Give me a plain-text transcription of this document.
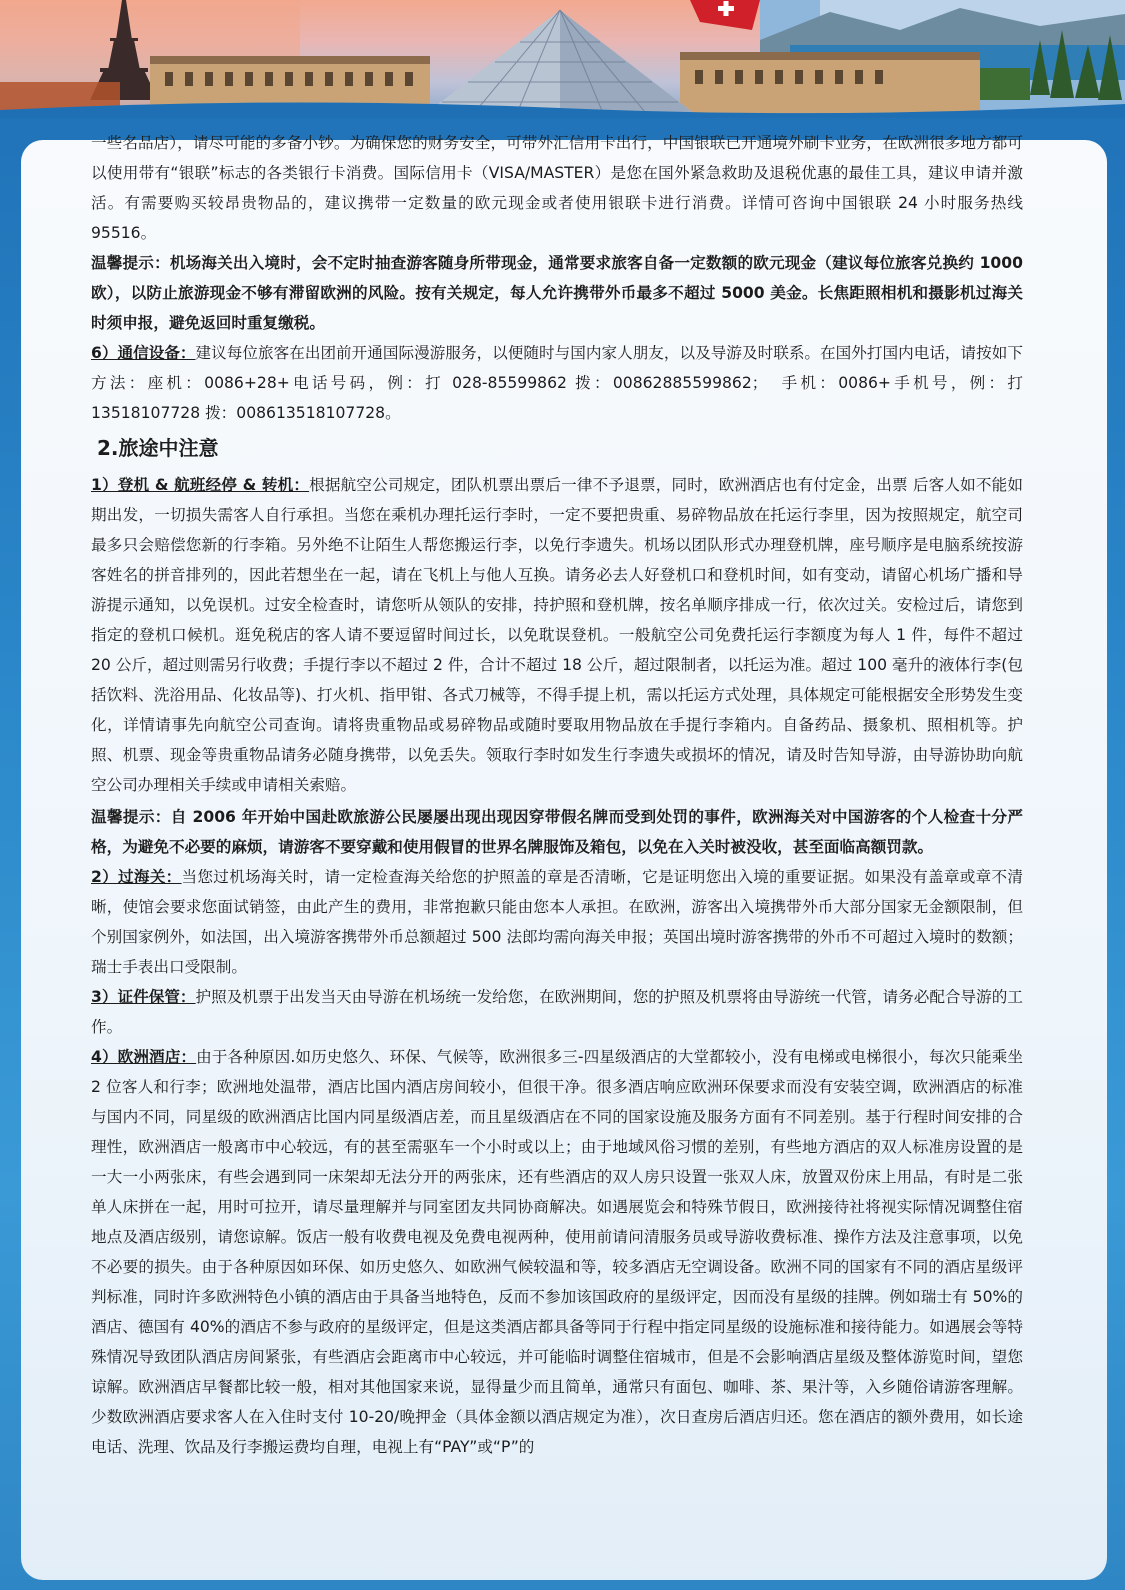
一些名品店），请尽可能的多备小钞。为确保您的财务安全，可带外汇信用卡出行，中国银联已开通境外刷卡业务，在欧洲很多地方都可以使用带有“银联”标志的各类银行卡消费。国际信用卡（VISA/MASTER）是您在国外紧急救助及退税优惠的最佳工具，建议申请并激活。有需要购买较昂贵物品的，建议携带一定数量的欧元现金或者使用银联卡进行消费。详情可咨询中国银联 24 小时服务热线 95516。

温馨提示：机场海关出入境时，会不定时抽查游客随身所带现金，通常要求旅客自备一定数额的欧元现金（建议每位旅客兑换约 1000 欧），以防止旅游现金不够有滞留欧洲的风险。按有关规定，每人允许携带外币最多不超过 5000 美金。长焦距照相机和摄影机过海关时须申报，避免返回时重复缴税。

6）通信设备：建议每位旅客在出团前开通国际漫游服务，以便随时与国内家人朋友，以及导游及时联系。在国外打国内电话，请按如下方法：座机：0086+28+电话号码，例：打 028-85599862 拨：00862885599862；　手机：0086+手机号，例：打 13518107728 拨：008613518107728。

2.旅途中注意

1）登机 & 航班经停 & 转机：根据航空公司规定，团队机票出票后一律不予退票，同时，欧洲酒店也有付定金，出票 后客人如不能如期出发，一切损失需客人自行承担。当您在乘机办理托运行李时，一定不要把贵重、易碎物品放在托运行李里，因为按照规定，航空司最多只会赔偿您新的行李箱。另外绝不让陌生人帮您搬运行李，以免行李遗失。机场以团队形式办理登机牌，座号顺序是电脑系统按游客姓名的拼音排列的，因此若想坐在一起，请在飞机上与他人互换。请务必去人好登机口和登机时间，如有变动，请留心机场广播和导游提示通知，以免误机。过安全检查时，请您听从领队的安排，持护照和登机牌，按名单顺序排成一行，依次过关。安检过后，请您到指定的登机口候机。逛免税店的客人请不要逗留时间过长，以免耽误登机。一般航空公司免费托运行李额度为每人 1 件，每件不超过 20 公斤，超过则需另行收费；手提行李以不超过 2 件，合计不超过 18 公斤，超过限制者，以托运为准。超过 100 毫升的液体行李(包括饮料、洗浴用品、化妆品等)、打火机、指甲钳、各式刀械等，不得手提上机，需以托运方式处理，具体规定可能根据安全形势发生变化，详情请事先向航空公司查询。请将贵重物品或易碎物品或随时要取用物品放在手提行李箱内。自备药品、摄象机、照相机等。护照、机票、现金等贵重物品请务必随身携带，以免丢失。领取行李时如发生行李遗失或损坏的情况，请及时告知导游，由导游协助向航空公司办理相关手续或申请相关索赔。

温馨提示：自 2006 年开始中国赴欧旅游公民屡屡出现出现因穿带假名牌而受到处罚的事件，欧洲海关对中国游客的个人检查十分严格，为避免不必要的麻烦，请游客不要穿戴和使用假冒的世界名牌服饰及箱包，以免在入关时被没收，甚至面临高额罚款。

2）过海关：当您过机场海关时，请一定检查海关给您的护照盖的章是否清晰，它是证明您出入境的重要证据。如果没有盖章或章不清晰，使馆会要求您面试销签，由此产生的费用，非常抱歉只能由您本人承担。在欧洲，游客出入境携带外币大部分国家无金额限制，但个别国家例外，如法国，出入境游客携带外币总额超过 500 法郎均需向海关申报；英国出境时游客携带的外币不可超过入境时的数额；瑞士手表出口受限制。

3）证件保管：护照及机票于出发当天由导游在机场统一发给您，在欧洲期间，您的护照及机票将由导游统一代管，请务必配合导游的工作。

4）欧洲酒店：由于各种原因.如历史悠久、环保、气候等，欧洲很多三-四星级酒店的大堂都较小，没有电梯或电梯很小，每次只能乘坐 2 位客人和行李；欧洲地处温带，酒店比国内酒店房间较小，但很干净。很多酒店响应欧洲环保要求而没有安装空调，欧洲酒店的标准与国内不同，同星级的欧洲酒店比国内同星级酒店差，而且星级酒店在不同的国家设施及服务方面有不同差别。基于行程时间安排的合理性，欧洲酒店一般离市中心较远，有的甚至需驱车一个小时或以上；由于地域风俗习惯的差别，有些地方酒店的双人标准房设置的是一大一小两张床，有些会遇到同一床架却无法分开的两张床，还有些酒店的双人房只设置一张双人床，放置双份床上用品，有时是二张单人床拼在一起，用时可拉开，请尽量理解并与同室团友共同协商解决。如遇展览会和特殊节假日，欧洲接待社将视实际情况调整住宿地点及酒店级别，请您谅解。饭店一般有收费电视及免费电视两种，使用前请问清服务员或导游收费标准、操作方法及注意事项，以免不必要的损失。由于各种原因如环保、如历史悠久、如欧洲气候较温和等，较多酒店无空调设备。欧洲不同的国家有不同的酒店星级评判标准，同时许多欧洲特色小镇的酒店由于具备当地特色，反而不参加该国政府的星级评定，因而没有星级的挂牌。例如瑞士有 50%的酒店、德国有 40%的酒店不参与政府的星级评定，但是这类酒店都具备等同于行程中指定同星级的设施标准和接待能力。如遇展会等特殊情况导致团队酒店房间紧张，有些酒店会距离市中心较远，并可能临时调整住宿城市，但是不会影响酒店星级及整体游览时间，望您谅解。欧洲酒店早餐都比较一般，相对其他国家来说，显得量少而且简单，通常只有面包、咖啡、茶、果汁等，入乡随俗请游客理解。少数欧洲酒店要求客人在入住时支付 10-20/晚押金（具体金额以酒店规定为准），次日查房后酒店归还。您在酒店的额外费用，如长途电话、洗理、饮品及行李搬运费均自理，电视上有“PAY”或“P”的
